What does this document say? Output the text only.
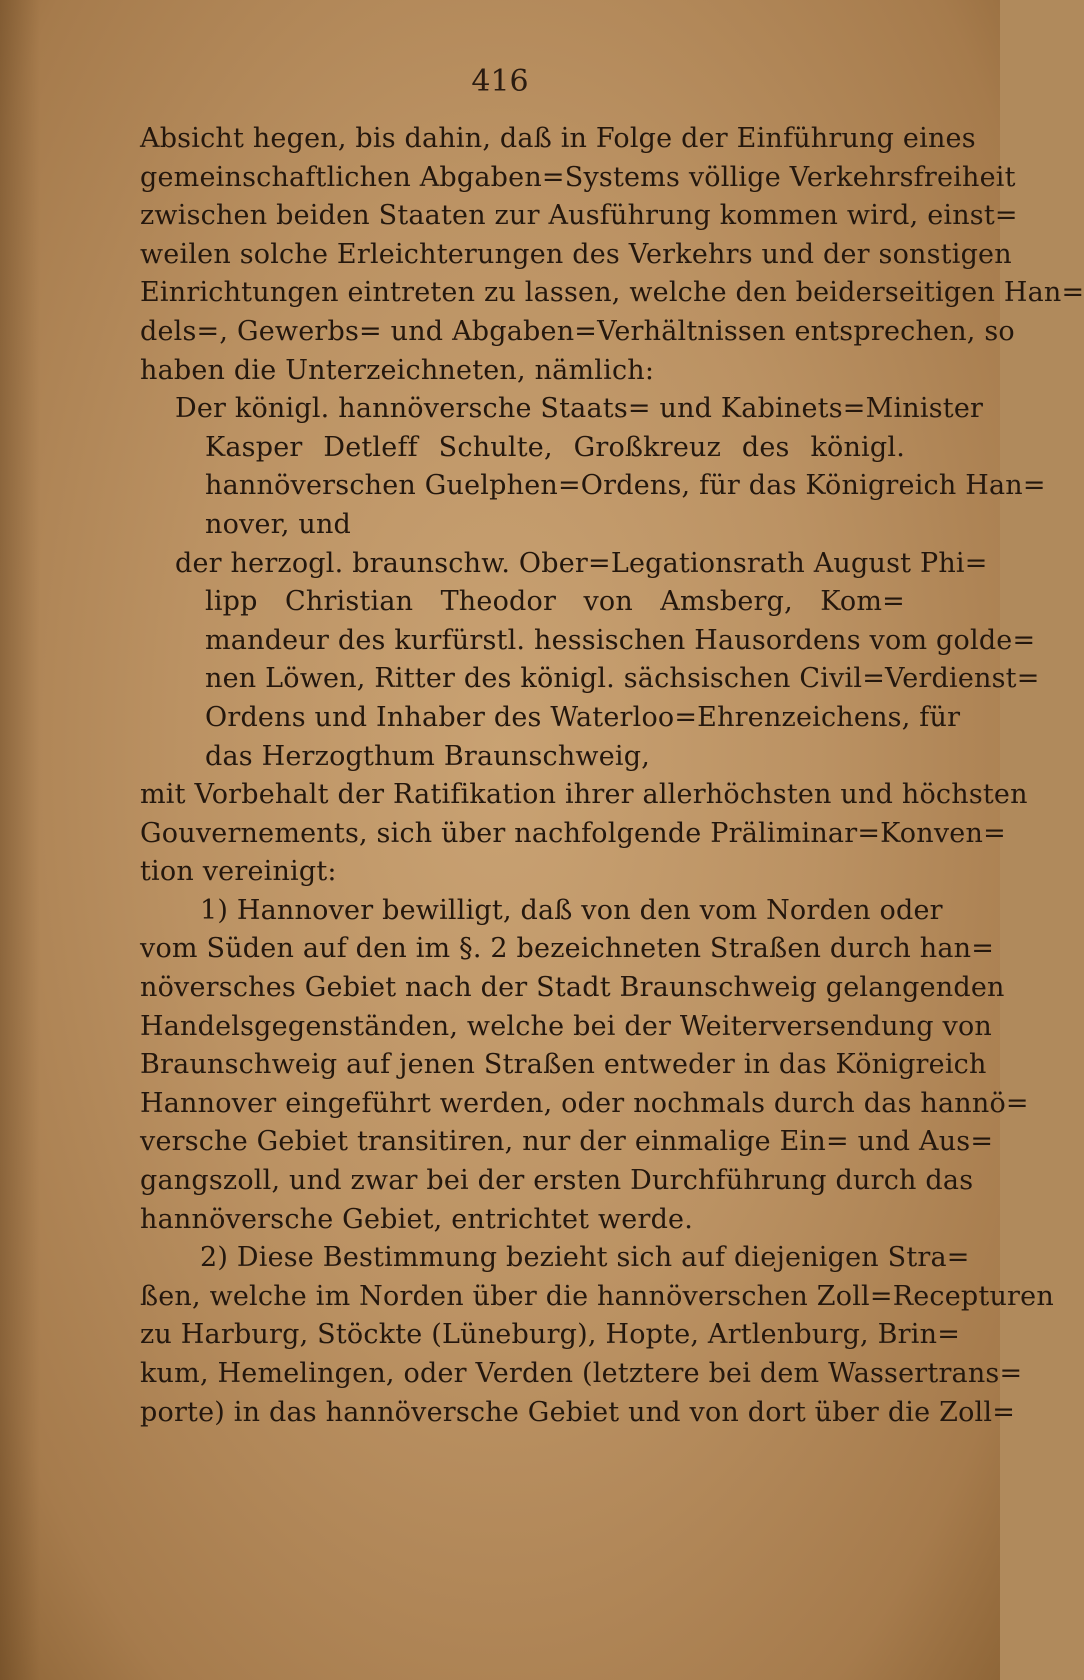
416
Absicht hegen, bis dahin, daß in Folge der Einführung eines
gemeinschaftlichen Abgaben=Systems völlige Verkehrsfreiheit
zwischen beiden Staaten zur Ausführung kommen wird, einst=
weilen solche Erleichterungen des Verkehrs und der sonstigen
Einrichtungen eintreten zu lassen, welche den beiderseitigen Han=
dels=, Gewerbs= und Abgaben=Verhältnissen entsprechen, so
haben die Unterzeichneten, nämlich:
Der königl. hannöversche Staats= und Kabinets=Minister
Kasper Detleff Schulte, Großkreuz des königl.
hannöverschen Guelphen=Ordens, für das Königreich Han=
nover, und
der herzogl. braunschw. Ober=Legationsrath August Phi=
lipp Christian Theodor von Amsberg, Kom=
mandeur des kurfürstl. hessischen Hausordens vom golde=
nen Löwen, Ritter des königl. sächsischen Civil=Verdienst=
Ordens und Inhaber des Waterloo=Ehrenzeichens, für
das Herzogthum Braunschweig,
mit Vorbehalt der Ratifikation ihrer allerhöchsten und höchsten
Gouvernements, sich über nachfolgende Präliminar=Konven=
tion vereinigt:
1) Hannover bewilligt, daß von den vom Norden oder
vom Süden auf den im §. 2 bezeichneten Straßen durch han=
növersches Gebiet nach der Stadt Braunschweig gelangenden
Handelsgegenständen, welche bei der Weiterversendung von
Braunschweig auf jenen Straßen entweder in das Königreich
Hannover eingeführt werden, oder nochmals durch das hannö=
versche Gebiet transitiren, nur der einmalige Ein= und Aus=
gangszoll, und zwar bei der ersten Durchführung durch das
hannöversche Gebiet, entrichtet werde.
2) Diese Bestimmung bezieht sich auf diejenigen Stra=
ßen, welche im Norden über die hannöverschen Zoll=Recepturen
zu Harburg, Stöckte (Lüneburg), Hopte, Artlenburg, Brin=
kum, Hemelingen, oder Verden (letztere bei dem Wassertrans=
porte) in das hannöversche Gebiet und von dort über die Zoll=
